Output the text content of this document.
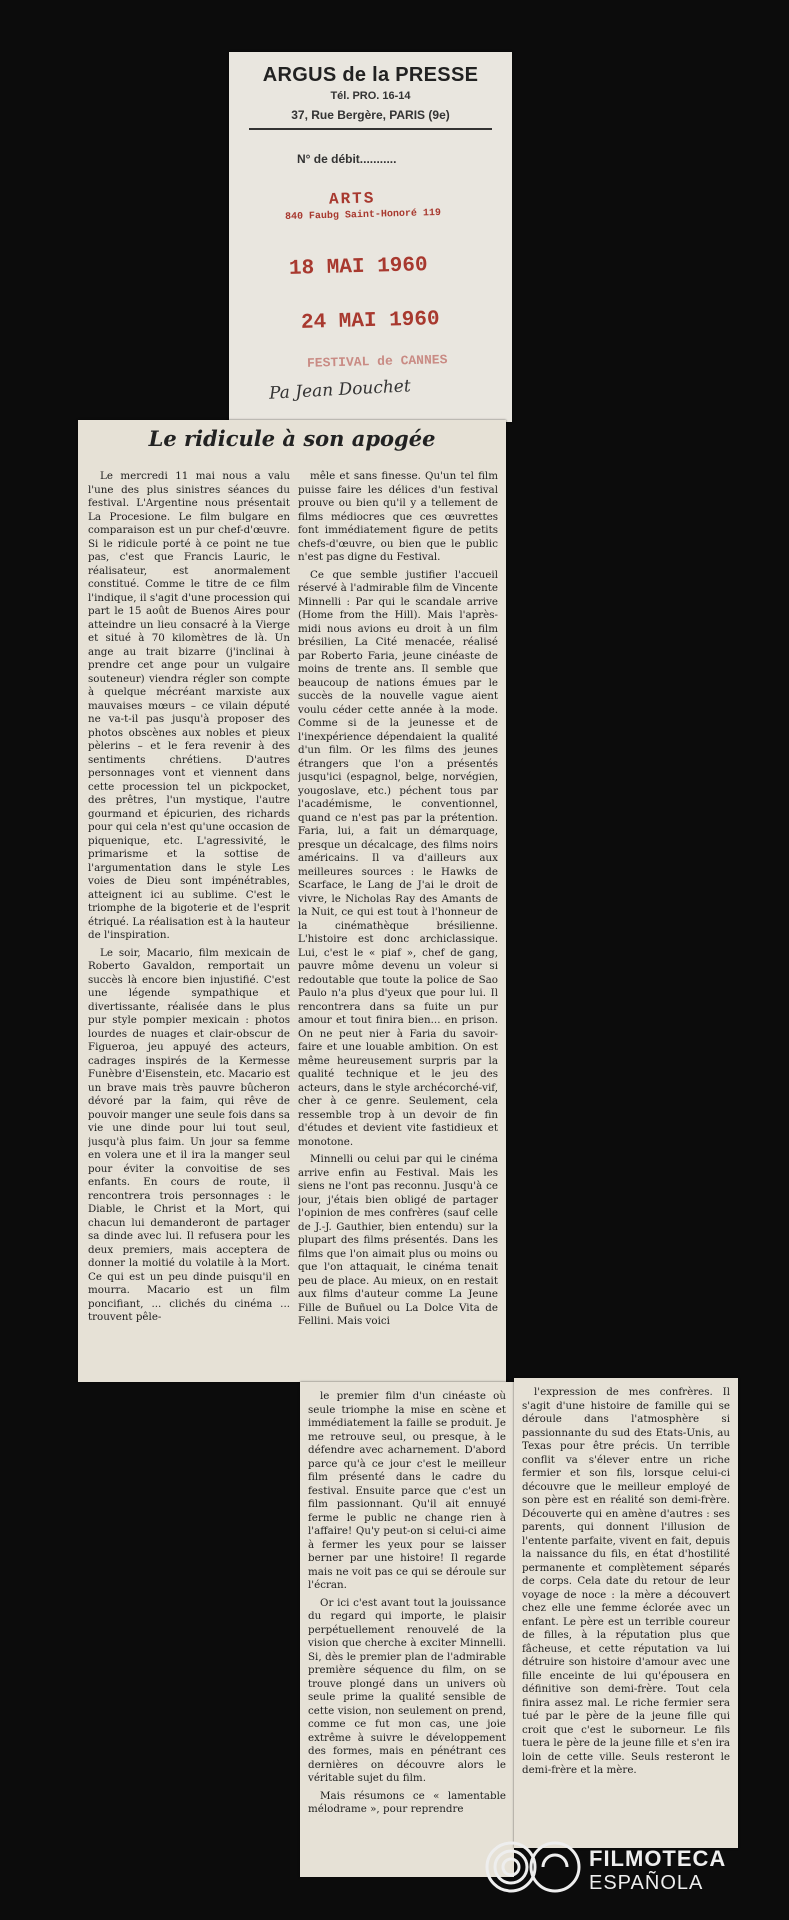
ARGUS de la PRESSE
Tél. PRO. 16-14
37, Rue Bergère, PARIS (9e)
N° de débit...........
ARTS
840 Faubg Saint-Honoré 119
18 MAI 1960
24 MAI 1960
FESTIVAL de CANNES
Pa Jean Douchet
Le ridicule à son apogée

Le mercredi 11 mai nous a valu l'une des plus sinistres séances du festival. L'Argentine nous présentait La Procesione. Le film bulgare en comparaison est un pur chef-d'œuvre. Si le ridicule porté à ce point ne tue pas, c'est que Francis Lauric, le réalisateur, est anormalement constitué. Comme le titre de ce film l'indique, il s'agit d'une procession qui part le 15 août de Buenos Aires pour atteindre un lieu consacré à la Vierge et situé à 70 kilomètres de là. Un ange au trait bizarre (j'inclinai à prendre cet ange pour un vulgaire souteneur) viendra régler son compte à quelque mécréant marxiste aux mauvaises mœurs – ce vilain député ne va-t-il pas jusqu'à proposer des photos obscènes aux nobles et pieux pèlerins – et le fera revenir à des sentiments chrétiens. D'autres personnages vont et viennent dans cette procession tel un pickpocket, des prêtres, l'un mystique, l'autre gourmand et épicurien, des richards pour qui cela n'est qu'une occasion de piquenique, etc. L'agressivité, le primarisme et la sottise de l'argumentation dans le style Les voies de Dieu sont impénétrables, atteignent ici au sublime. C'est le triomphe de la bigoterie et de l'esprit étriqué. La réalisation est à la hauteur de l'inspiration.

Le soir, Macario, film mexicain de Roberto Gavaldon, remportait un succès là encore bien injustifié. C'est une légende sympathique et divertissante, réalisée dans le plus pur style pompier mexicain : photos lourdes de nuages et clair-obscur de Figueroa, jeu appuyé des acteurs, cadrages inspirés de la Kermesse Funèbre d'Eisenstein, etc. Macario est un brave mais très pauvre bûcheron dévoré par la faim, qui rêve de pouvoir manger une seule fois dans sa vie une dinde pour lui tout seul, jusqu'à plus faim. Un jour sa femme en volera une et il ira la manger seul pour éviter la convoitise de ses enfants. En cours de route, il rencontrera trois personnages : le Diable, le Christ et la Mort, qui chacun lui demanderont de partager sa dinde avec lui. Il refusera pour les deux premiers, mais acceptera de donner la moitié du volatile à la Mort. Ce qui est un peu dinde puisqu'il en mourra. Macario est un film poncifiant, ... clichés du cinéma ... trouvent pêle-

mêle et sans finesse. Qu'un tel film puisse faire les délices d'un festival prouve ou bien qu'il y a tellement de films médiocres que ces œuvrettes font immédiatement figure de petits chefs-d'œuvre, ou bien que le public n'est pas digne du Festival.

Ce que semble justifier l'accueil réservé à l'admirable film de Vincente Minnelli : Par qui le scandale arrive (Home from the Hill). Mais l'après-midi nous avions eu droit à un film brésilien, La Cité menacée, réalisé par Roberto Faria, jeune cinéaste de moins de trente ans. Il semble que beaucoup de nations émues par le succès de la nouvelle vague aient voulu céder cette année à la mode. Comme si de la jeunesse et de l'inexpérience dépendaient la qualité d'un film. Or les films des jeunes étrangers que l'on a présentés jusqu'ici (espagnol, belge, norvégien, yougoslave, etc.) péchent tous par l'académisme, le conventionnel, quand ce n'est pas par la prétention. Faria, lui, a fait un démarquage, presque un décalcage, des films noirs américains. Il va d'ailleurs aux meilleures sources : le Hawks de Scarface, le Lang de J'ai le droit de vivre, le Nicholas Ray des Amants de la Nuit, ce qui est tout à l'honneur de la cinémathèque brésilienne. L'histoire est donc archiclassique. Lui, c'est le « piaf », chef de gang, pauvre môme devenu un voleur si redoutable que toute la police de Sao Paulo n'a plus d'yeux que pour lui. Il rencontrera dans sa fuite un pur amour et tout finira bien... en prison. On ne peut nier à Faria du savoir-faire et une louable ambition. On est même heureusement surpris par la qualité technique et le jeu des acteurs, dans le style archécorché-vif, cher à ce genre. Seulement, cela ressemble trop à un devoir de fin d'études et devient vite fastidieux et monotone.

Minnelli ou celui par qui le cinéma arrive enfin au Festival. Mais les siens ne l'ont pas reconnu. Jusqu'à ce jour, j'étais bien obligé de partager l'opinion de mes confrères (sauf celle de J.-J. Gauthier, bien entendu) sur la plupart des films présentés. Dans les films que l'on aimait plus ou moins ou que l'on attaquait, le cinéma tenait peu de place. Au mieux, on en restait aux films d'auteur comme La Jeune Fille de Buñuel ou La Dolce Vita de Fellini. Mais voici

le premier film d'un cinéaste où seule triomphe la mise en scène et immédiatement la faille se produit. Je me retrouve seul, ou presque, à le défendre avec acharnement. D'abord parce qu'à ce jour c'est le meilleur film présenté dans le cadre du festival. Ensuite parce que c'est un film passionnant. Qu'il ait ennuyé ferme le public ne change rien à l'affaire! Qu'y peut-on si celui-ci aime à fermer les yeux pour se laisser berner par une histoire! Il regarde mais ne voit pas ce qui se déroule sur l'écran.

Or ici c'est avant tout la jouissance du regard qui importe, le plaisir perpétuellement renouvelé de la vision que cherche à exciter Minnelli. Si, dès le premier plan de l'admirable première séquence du film, on se trouve plongé dans un univers où seule prime la qualité sensible de cette vision, non seulement on prend, comme ce fut mon cas, une joie extrême à suivre le développement des formes, mais en pénétrant ces dernières on découvre alors le véritable sujet du film.

Mais résumons ce « lamentable mélodrame », pour reprendre

l'expression de mes confrères. Il s'agit d'une histoire de famille qui se déroule dans l'atmosphère si passionnante du sud des Etats-Unis, au Texas pour être précis. Un terrible conflit va s'élever entre un riche fermier et son fils, lorsque celui-ci découvre que le meilleur employé de son père est en réalité son demi-frère. Découverte qui en amène d'autres : ses parents, qui donnent l'illusion de l'entente parfaite, vivent en fait, depuis la naissance du fils, en état d'hostilité permanente et complètement séparés de corps. Cela date du retour de leur voyage de noce : la mère a découvert chez elle une femme éclorée avec un enfant. Le père est un terrible coureur de filles, à la réputation plus que fâcheuse, et cette réputation va lui détruire son histoire d'amour avec une fille enceinte de lui qu'épousera en définitive son demi-frère. Tout cela finira assez mal. Le riche fermier sera tué par le père de la jeune fille qui croit que c'est le suborneur. Le fils tuera le père de la jeune fille et s'en ira loin de cette ville. Seuls resteront le demi-frère et la mère.

FILMOTECA
ESPAÑOLA
